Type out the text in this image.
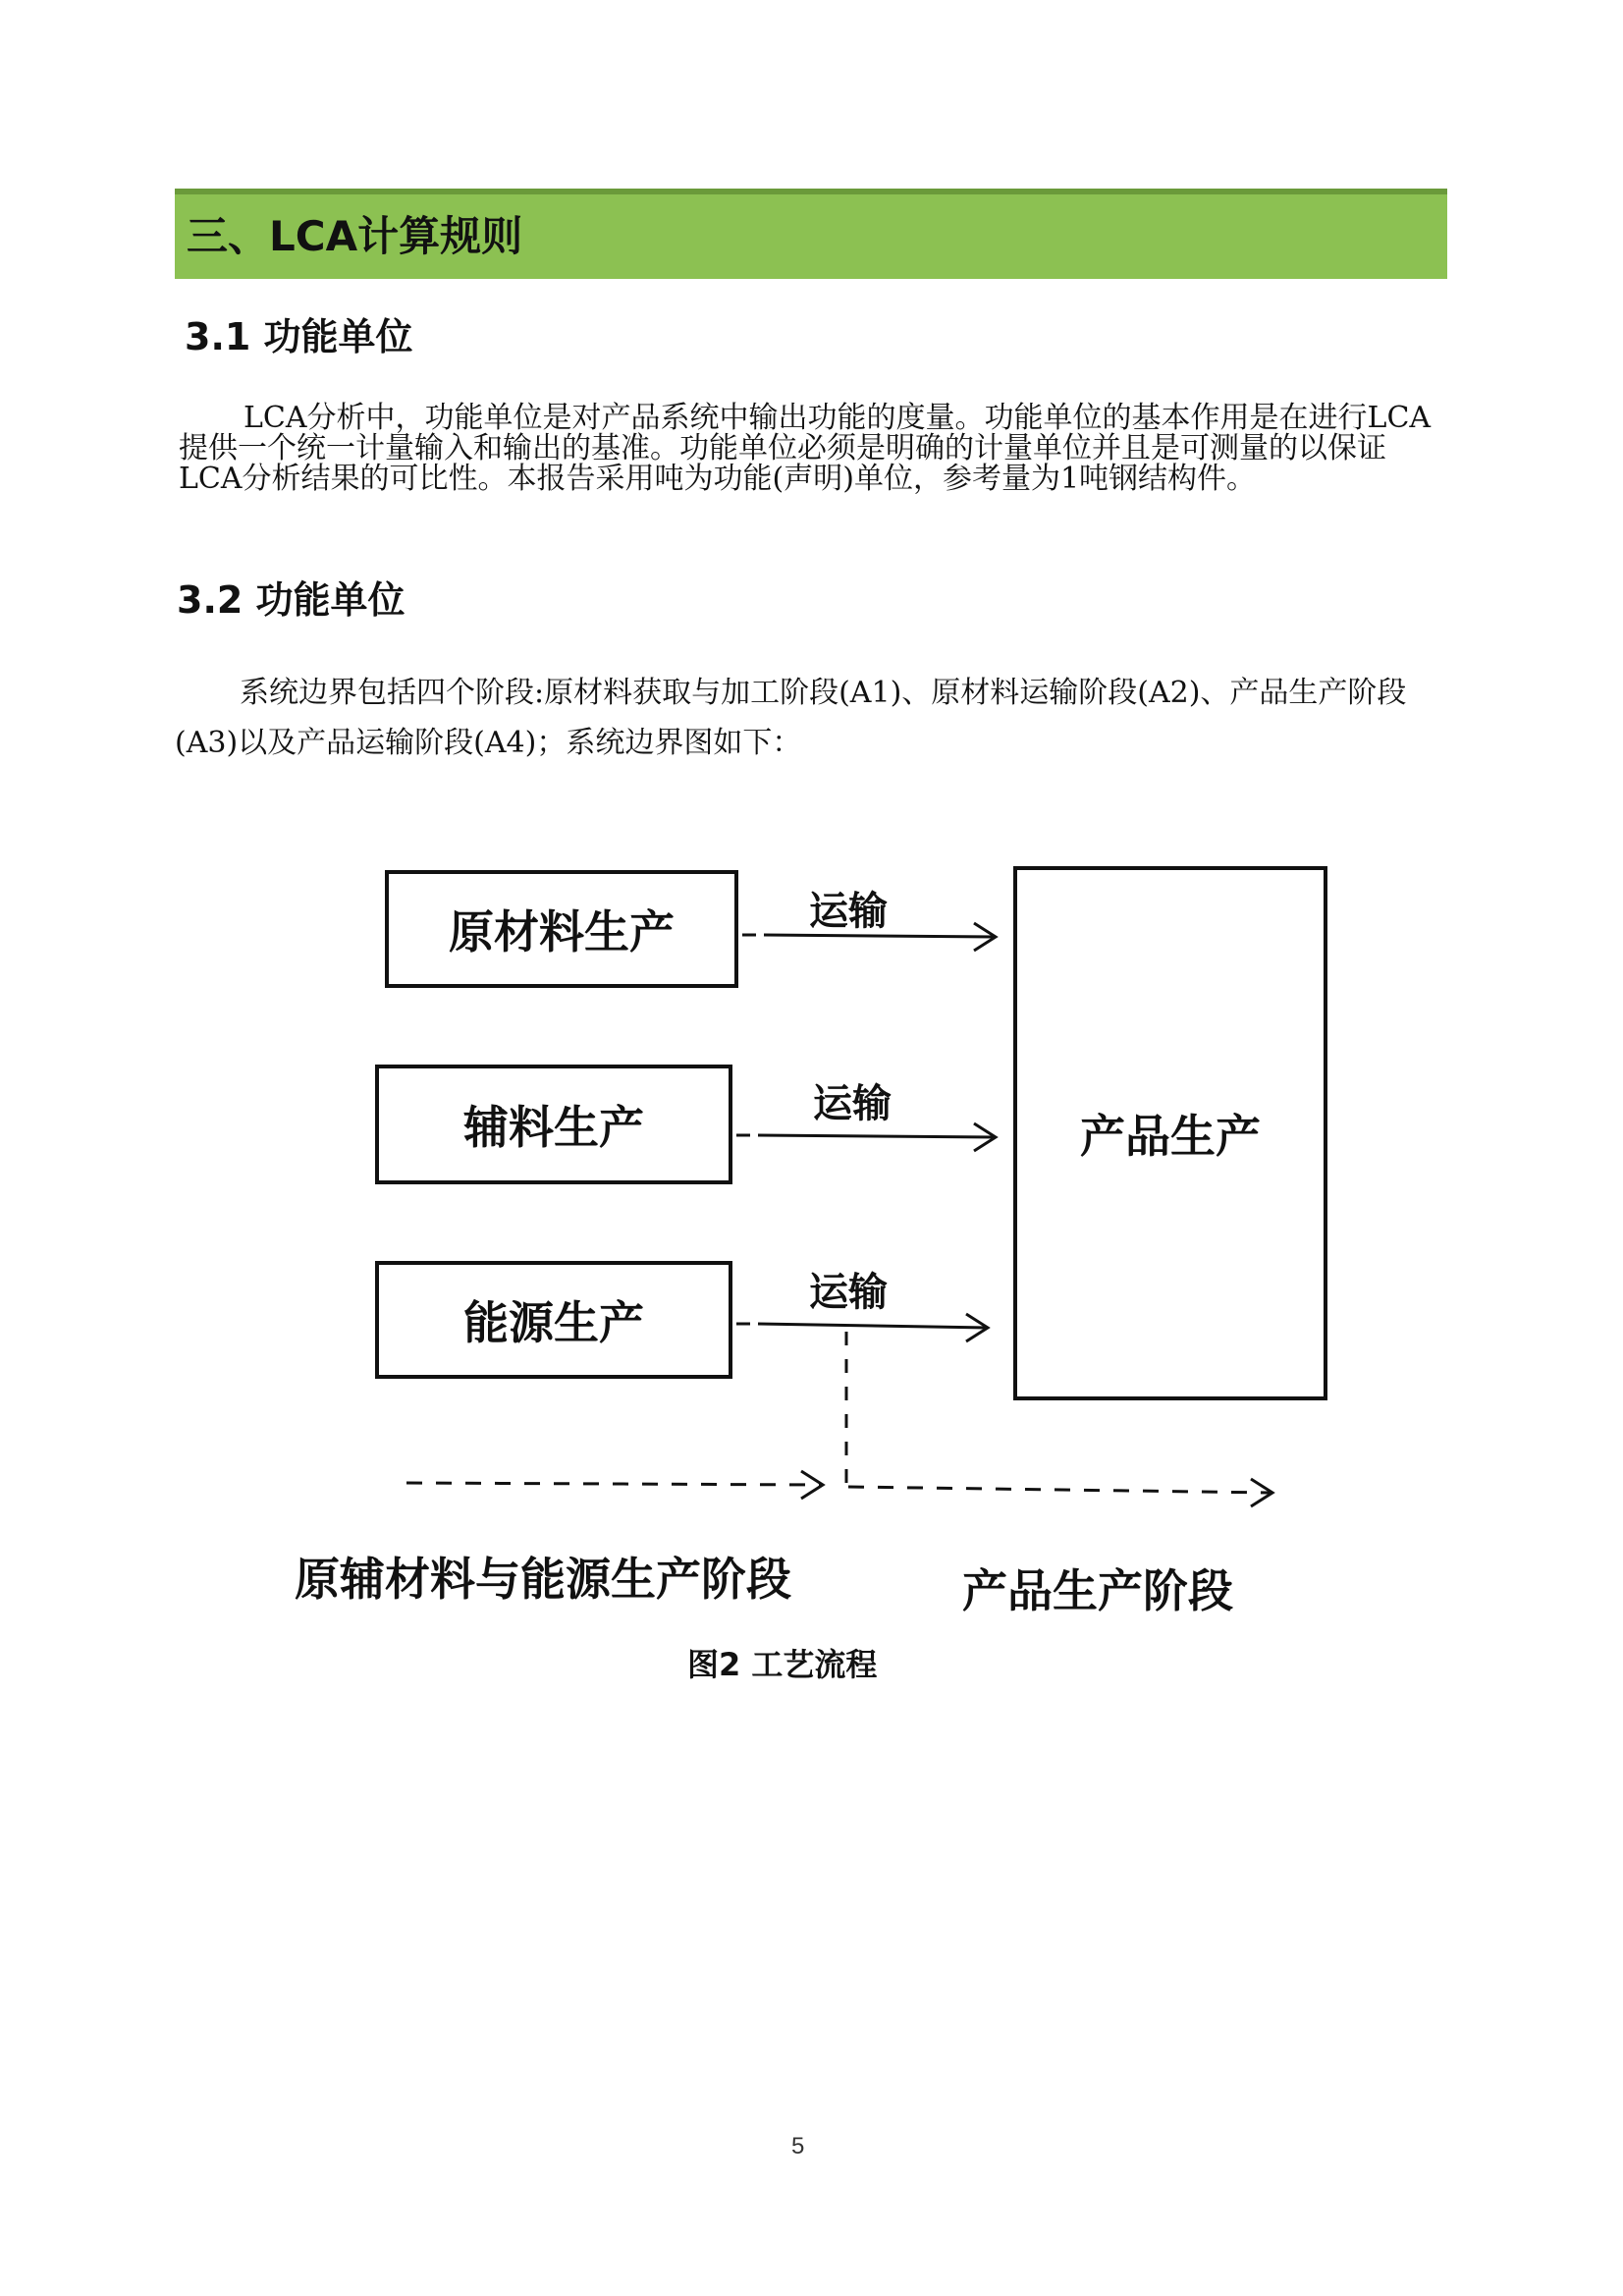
三、LCA计算规则
3.1 功能单位
LCA分析中，功能单位是对产品系统中输出功能的度量。功能单位的基本作用是在进行LCA提供一个统一计量输入和输出的基准。功能单位必须是明确的计量单位并且是可测量的以保证LCA分析结果的可比性。本报告采用吨为功能(声明)单位，参考量为1吨钢结构件。
3.2 功能单位
系统边界包括四个阶段:原材料获取与加工阶段(A1)、原材料运输阶段(A2)、产品生产阶段(A3)以及产品运输阶段(A4)；系统边界图如下：
原材料生产
辅料生产
能源生产
产品生产
运输
运输
运输
原辅材料与能源生产阶段	产品生产阶段
图2 工艺流程
5
